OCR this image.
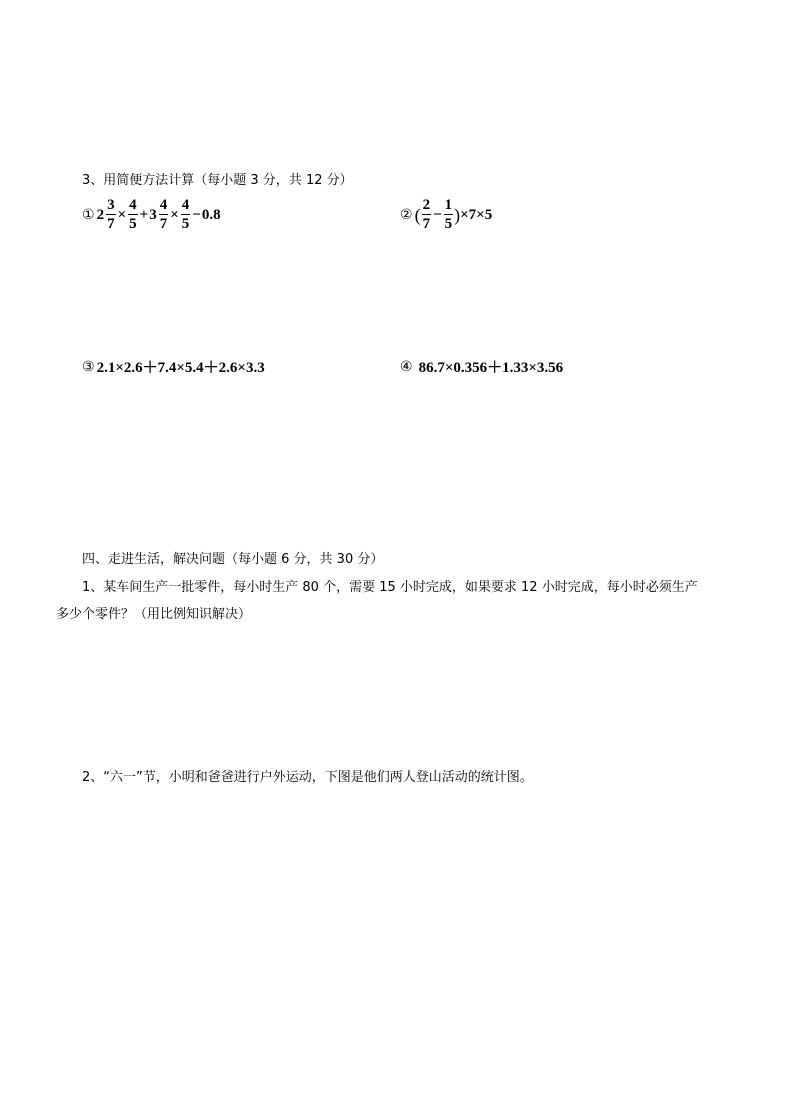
3、用简便方法计算（每小题 3 分，共 12 分）
① $2 \frac{3}{7} \times \frac{4}{5} + 3 \frac{4}{7} \times \frac{4}{5} - 0.8$	② ( $\frac{2}{7} - \frac{1}{5}$ ) ×7×5
③ 2.1×2.6＋7.4×5.4＋2.6×3.3	④ 86.7×0.356＋1.33×3.56
四、走进生活，解决问题（每小题 6 分，共 30 分）
1、某车间生产一批零件，每小时生产 80 个，需要 15 小时完成，如果要求 12 小时完成，每小时必须生产
多少个零件？（用比例知识解决）
2、“六一”节，小明和爸爸进行户外运动，下图是他们两人登山活动的统计图。
